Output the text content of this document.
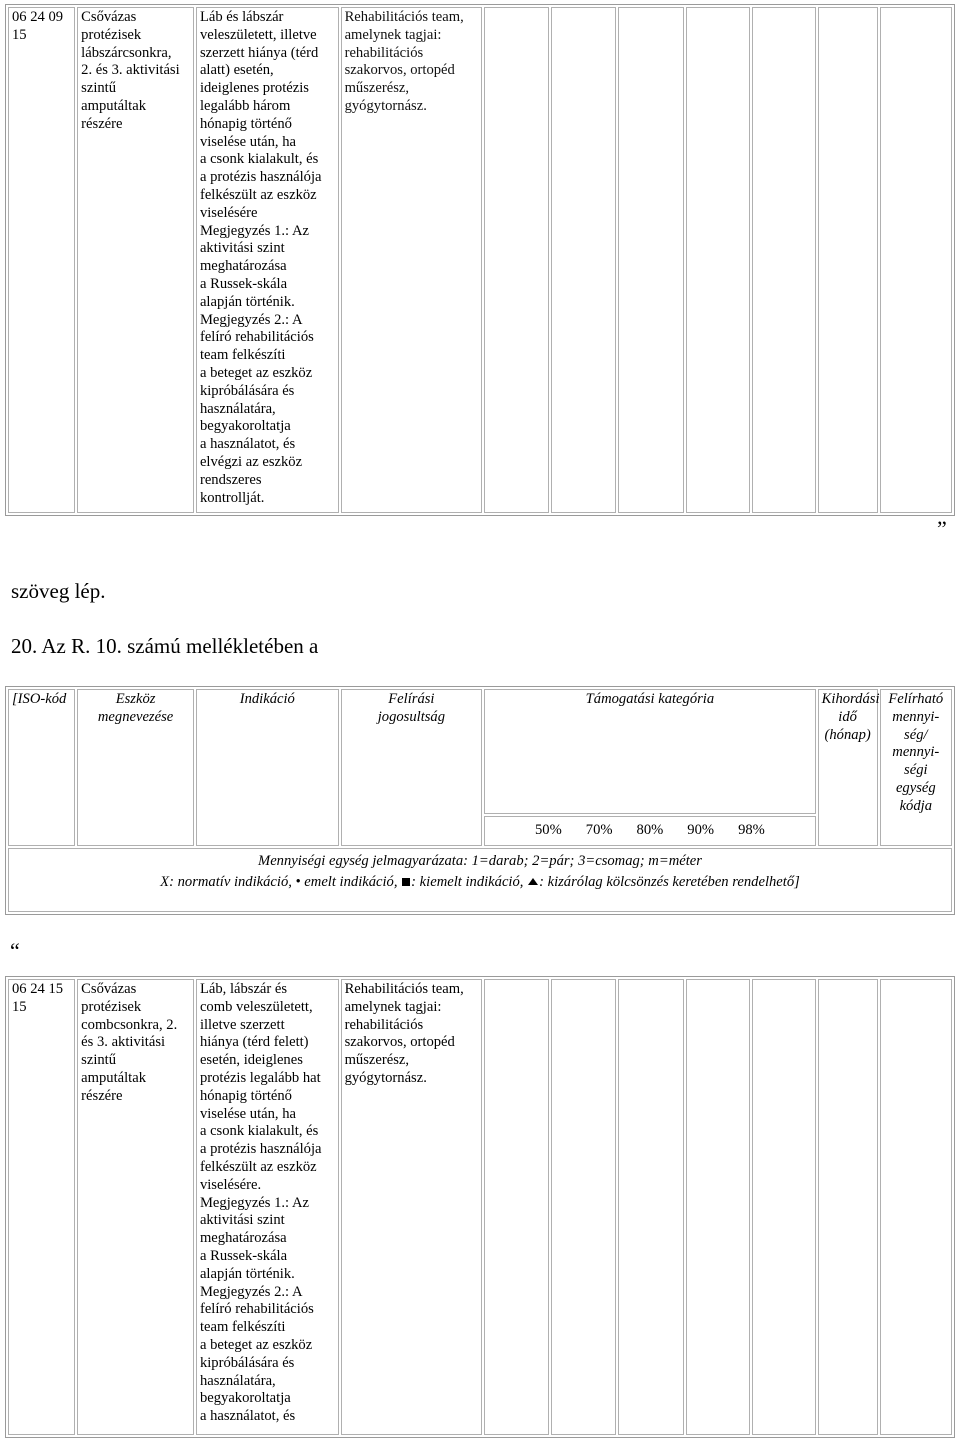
06 24 09
15	Csővázas
protézisek
lábszárcsonkra,
2. és 3. aktivitási
szintű
amputáltak
részére	Láb és lábszár
veleszületett, illetve
szerzett hiánya (térd
alatt) esetén,
ideiglenes protézis
legalább három
hónapig történő
viselése után, ha
a csonk kialakult, és
a protézis használója
felkészült az eszköz
viselésére
Megjegyzés 1.: Az
aktivitási szint
meghatározása
a Russek-skála
alapján történik.
Megjegyzés 2.: A
felíró rehabilitációs
team felkészíti
a beteget az eszköz
kipróbálására és
használatára,
begyakoroltatja
a használatot, és
elvégzi az eszköz
rendszeres
kontrollját.	Rehabilitációs team,
amelynek tagjai:
rehabilitációs
szakorvos, ortopéd
műszerész,
gyógytornász.							
”
szöveg lép.
20. Az R. 10. számú mellékletében a
[ISO-kód	Eszköz
megnevezése	Indikáció	Felírási
jogosultság	Támogatási kategória	Kihordási
idő
(hónap)	Felírható
mennyi-
ség/
mennyi-
ségi
egység
kódja
50% 70% 80% 90% 98%

Mennyiségi egység jelmagyarázata: 1=darab; 2=pár; 3=csomag; m=méter
X: normatív indikáció, • emelt indikáció, : kiemelt indikáció, : kizárólag kölcsönzés keretében rendelhető]
“
06 24 15
15	Csővázas
protézisek
combcsonkra, 2.
és 3. aktivitási
szintű
amputáltak
részére	Láb, lábszár és
comb veleszületett,
illetve szerzett
hiánya (térd felett)
esetén, ideiglenes
protézis legalább hat
hónapig történő
viselése után, ha
a csonk kialakult, és
a protézis használója
felkészült az eszköz
viselésére.
Megjegyzés 1.: Az
aktivitási szint
meghatározása
a Russek-skála
alapján történik.
Megjegyzés 2.: A
felíró rehabilitációs
team felkészíti
a beteget az eszköz
kipróbálására és
használatára,
begyakoroltatja
a használatot, és	Rehabilitációs team,
amelynek tagjai:
rehabilitációs
szakorvos, ortopéd
műszerész,
gyógytornász.							
